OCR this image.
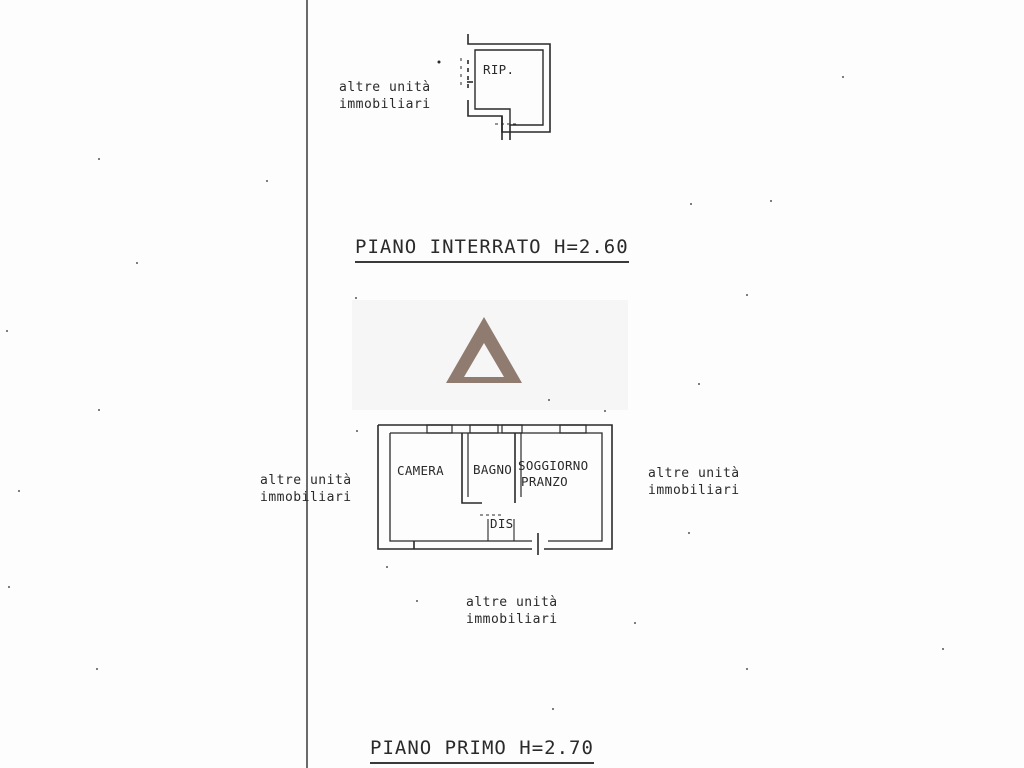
altre unità
immobiliari
RIP.
PIANO INTERRATO H=2.60
altre unità
immobiliari
altre unità
immobiliari
CAMERA BAGNO SOGGIORNO
PRANZO
DIS
altre unità
immobiliari
PIANO PRIMO H=2.70
